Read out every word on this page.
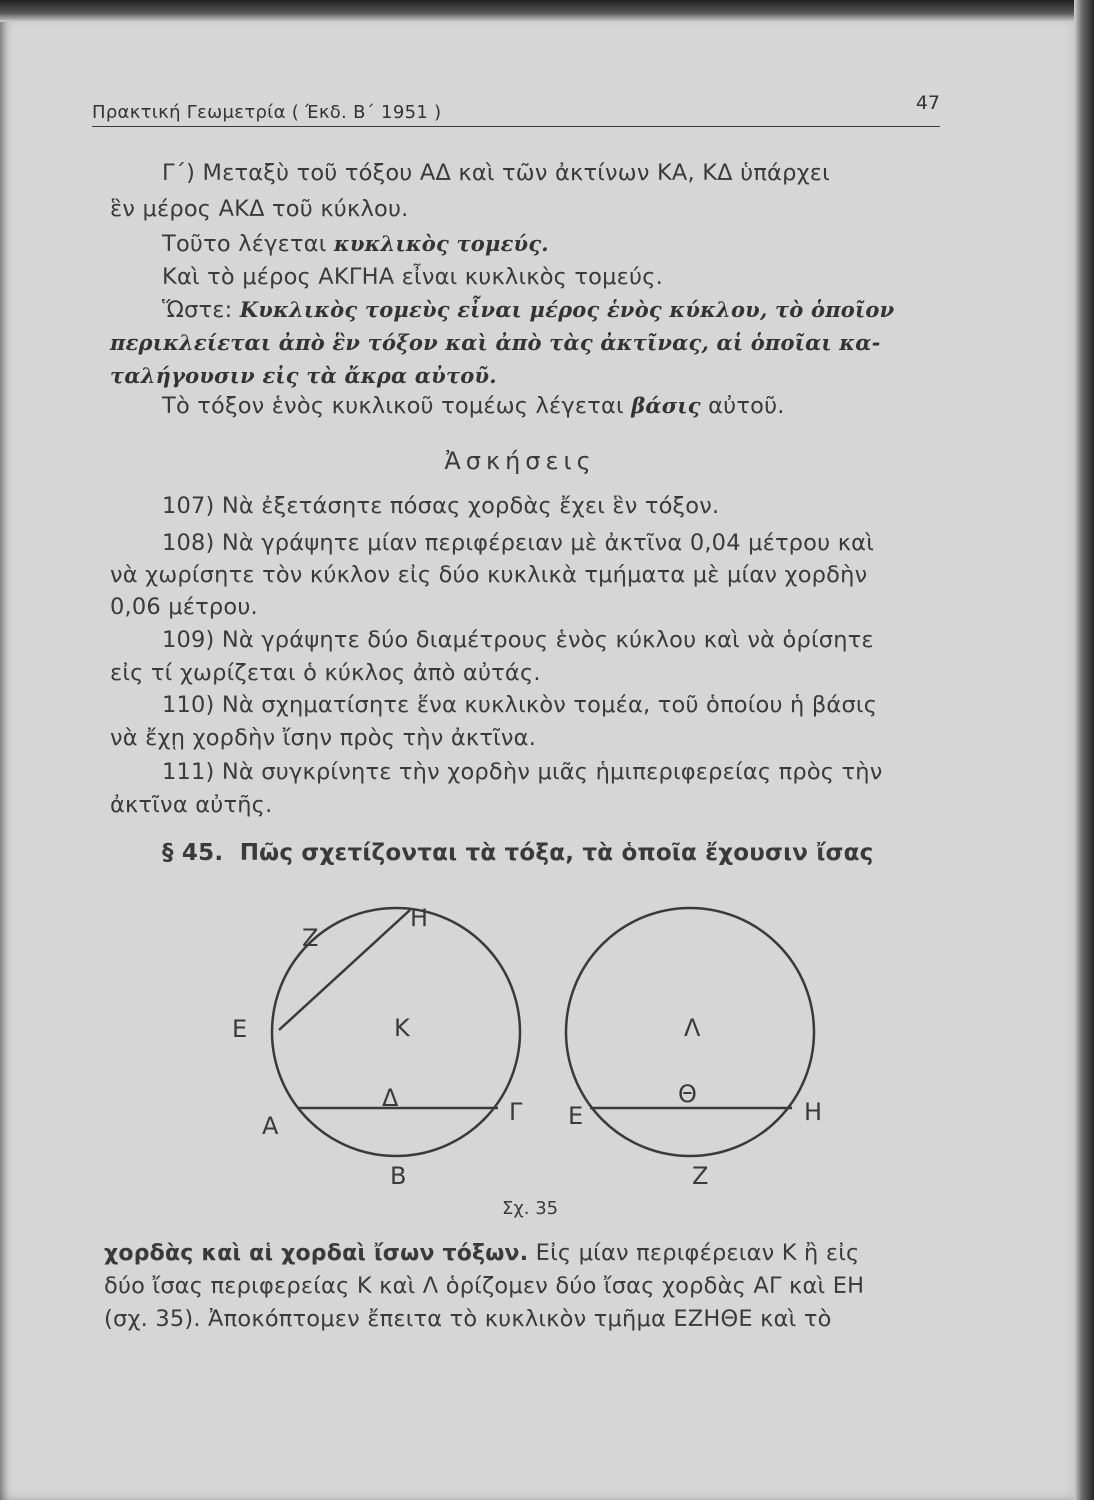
Πρακτική Γεωμετρία ( Έκδ. Β΄ 1951 )	47
Γ΄) Μεταξὺ τοῦ τόξου ΑΔ καὶ τῶν ἀκτίνων ΚΑ, ΚΔ ὑπάρχει
ἓν μέρος ΑΚΔ τοῦ κύκλου.
Τοῦτο λέγεται κυκλικὸς τομεύς.
Καὶ τὸ μέρος ΑΚΓΗΑ εἶναι κυκλικὸς τομεύς.
Ὥστε: Κυκλικὸς τομεὺς εἶναι μέρος ἑνὸς κύκλου, τὸ ὁποῖον
περικλείεται ἀπὸ ἓν τόξον καὶ ἀπὸ τὰς ἀκτῖνας, αἱ ὁποῖαι κα-
ταλήγουσιν εἰς τὰ ἄκρα αὐτοῦ.
Τὸ τόξον ἑνὸς κυκλικοῦ τομέως λέγεται βάσις αὐτοῦ.
Ἀσκήσεις
107) Νὰ ἐξετάσητε πόσας χορδὰς ἔχει ἓν τόξον.
108) Νὰ γράψητε μίαν περιφέρειαν μὲ ἀκτῖνα 0,04 μέτρου καὶ
νὰ χωρίσητε τὸν κύκλον εἰς δύο κυκλικὰ τμήματα μὲ μίαν χορδὴν
0,06 μέτρου.
109) Νὰ γράψητε δύο διαμέτρους ἑνὸς κύκλου καὶ νὰ ὁρίσητε
εἰς τί χωρίζεται ὁ κύκλος ἀπὸ αὐτάς.
110) Νὰ σχηματίσητε ἕνα κυκλικὸν τομέα, τοῦ ὁποίου ἡ βάσις
νὰ ἔχῃ χορδὴν ἴσην πρὸς τὴν ἀκτῖνα.
111) Νὰ συγκρίνητε τὴν χορδὴν μιᾶς ἡμιπεριφερείας πρὸς τὴν
ἀκτῖνα αὐτῆς.
§ 45. Πῶς σχετίζονται τὰ τόξα, τὰ ὁποῖα ἔχουσιν ἴσας
Ζ
Η
Ε	Κ
Α
Δ	Γ
Β
Λ
Θ
Ε	Η
Ζ
Σχ. 35
χορδὰς καὶ αἱ χορδαὶ ἴσων τόξων. Εἰς μίαν περιφέρειαν Κ ἢ εἰς
δύο ἴσας περιφερείας Κ καὶ Λ ὁρίζομεν δύο ἴσας χορδὰς ΑΓ καὶ ΕΗ
(σχ. 35). Ἀποκόπτομεν ἔπειτα τὸ κυκλικὸν τμῆμα ΕΖΗΘΕ καὶ τὸ
